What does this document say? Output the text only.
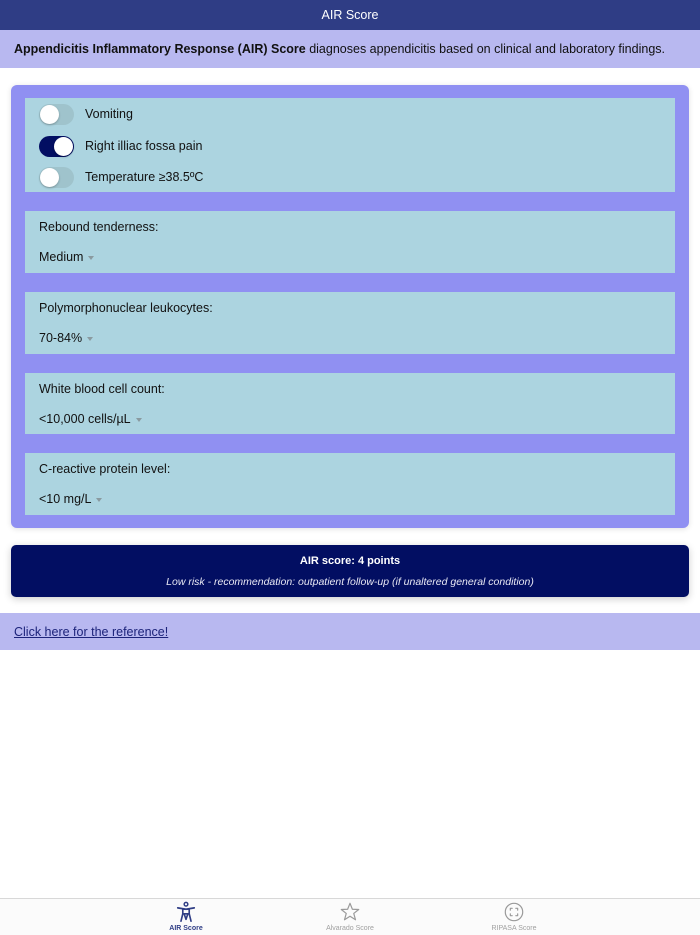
AIR Score
Appendicitis Inflammatory Response (AIR) Score diagnoses appendicitis based on clinical and laboratory findings.
Vomiting
Right illiac fossa pain
Temperature ≥38.5ºC
Rebound tenderness:
Medium
Polymorphonuclear leukocytes:
70-84%
White blood cell count:
<10,000 cells/µL
C-reactive protein level:
<10 mg/L
AIR score: 4 points
Low risk - recommendation: outpatient follow-up (if unaltered general condition)
Click here for the reference!
AIR Score	Alvarado Score	RIPASA Score
